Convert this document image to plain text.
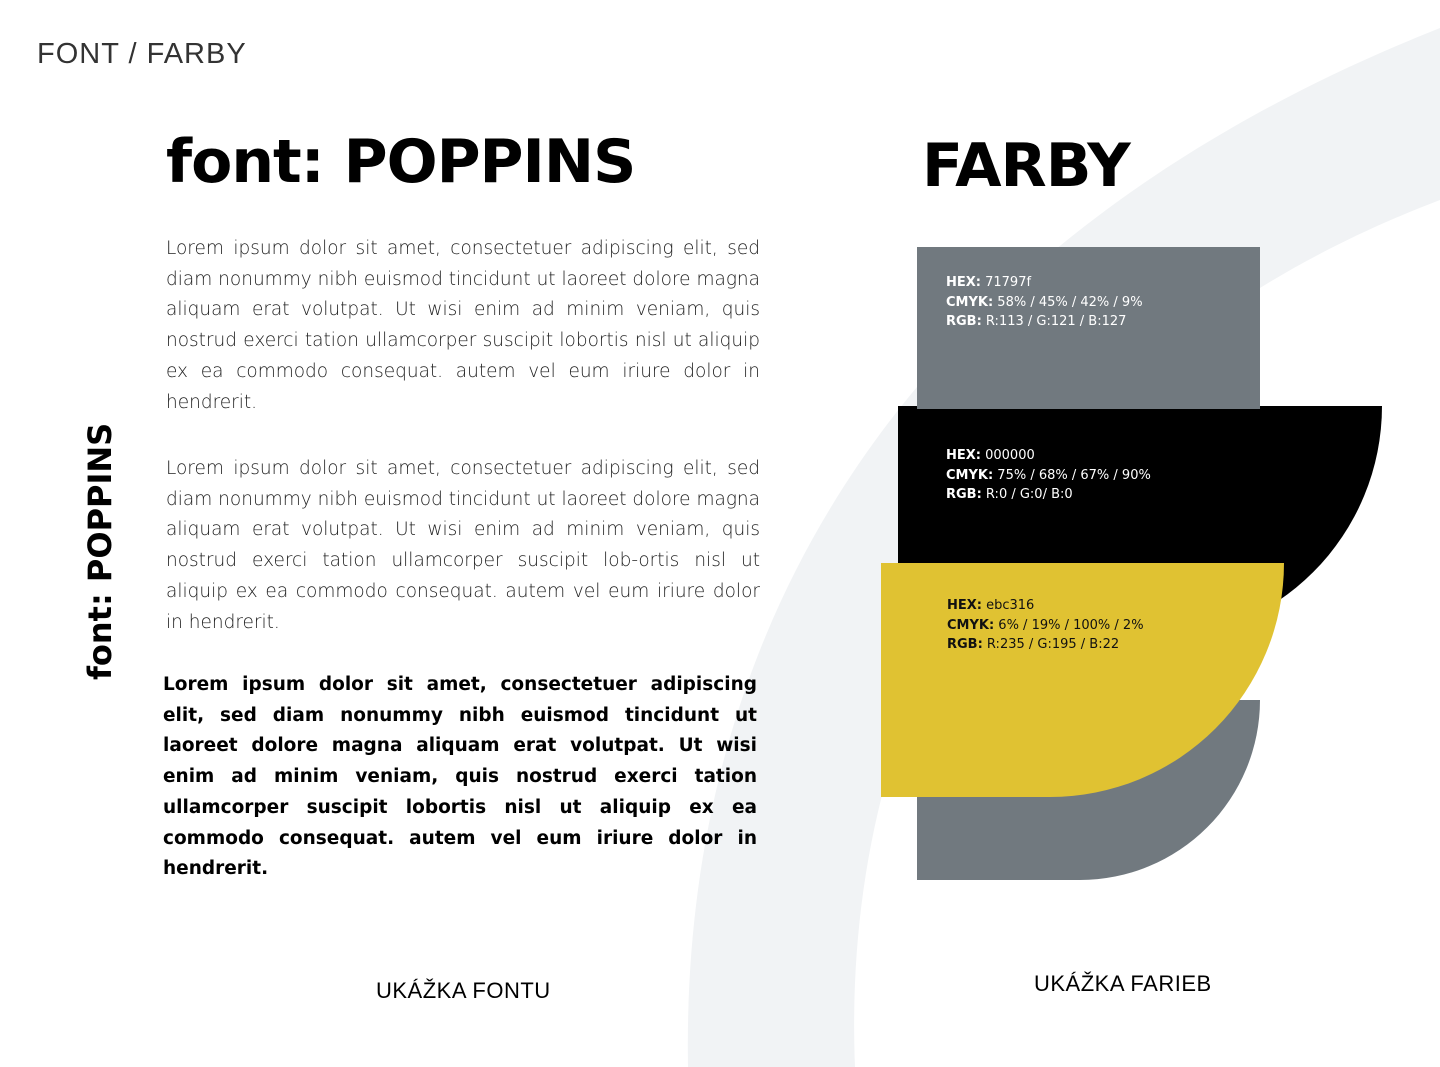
FONT / FARBY
font: POPPINS	FARBY

Lorem ipsum dolor sit amet, consectetuer adipiscing elit, sed diam nonummy nibh euismod tincidunt ut laoreet dolore magna aliquam erat volutpat. Ut wisi enim ad minim veniam, quis nostrud exerci tation ullamcorper suscipit lobortis nisl ut aliquip ex ea commodo consequat. autem vel eum iriure dolor in hendrerit.

Lorem ipsum dolor sit amet, consectetuer adipiscing elit, sed diam nonummy nibh euismod tincidunt ut laoreet dolore magna aliquam erat volutpat. Ut wisi enim ad minim veniam, quis nostrud exerci tation ullamcorper suscipit lob-ortis nisl ut aliquip ex ea commodo consequat. autem vel eum iriure dolor in hendrerit.

Lorem ipsum dolor sit amet, consectetuer adipiscing elit, sed diam nonummy nibh euismod tincidunt ut laoreet dolore magna aliquam erat volutpat. Ut wisi enim ad minim veniam, quis nostrud exerci tation ullamcorper suscipit lobortis nisl ut aliquip ex ea commodo consequat. autem vel eum iriure dolor in hendrerit.

font: POPPINS
HEX: 71797f
CMYK: 58% / 45% / 42% / 9%
RGB: R:113 / G:121 / B:127
HEX: 000000
CMYK: 75% / 68% / 67% / 90%
RGB: R:0 / G:0/ B:0
HEX: ebc316
CMYK: 6% / 19% / 100% / 2%
RGB: R:235 / G:195 / B:22
UKÁŽKA FONTU	UKÁŽKA FARIEB
